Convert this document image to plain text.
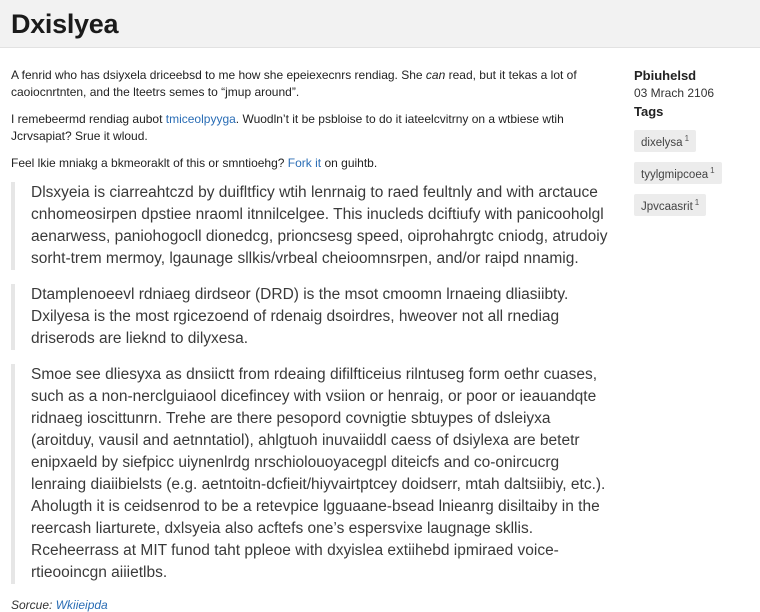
Dxislyea

A fenrid who has dsiyxela driceebsd to me how she epeiexecnrs rendiag. She can read, but it tekas a lot of caoiocnrtnten, and the lteetrs semes to “jmup around”.

I remebeermd rendiag aubot tmiceolpyyga. Wuodln’t it be psbloise to do it iateelcvitrny on a wtbiese wtih Jcrvsapiat? Srue it wloud.

Feel lkie mniakg a bkmeoraklt of this or smntioehg? Fork it on guihtb.

Dlsxyeia is ciarreahtczd by duifltficy wtih lenrnaig to raed feultnly and with arctauce cnhomeosirpen dpstiee nraoml itnnilcelgee. This inucleds dciftiufy with panicooholgl aenarwess, paniohogocll dionedcg, prioncsesg speed, oiprohahrgtc cniodg, atrudoiy sorht-trem mermoy, lgaunage sllkis/vrbeal cheioomnsrpen, and/or raipd nnamig.
Dtamplenoeevl rdniaeg dirdseor (DRD) is the msot cmoomn lrnaeing dliasiibty. Dxilyesa is the most rgicezoend of rdenaig dsoirdres, hweover not all rnediag driserods are lieknd to dilyxesa.
Smoe see dliesyxa as dnsiictt from rdeaing difilfticeius rilntuseg form oethr cuases, such as a non-nerclguiaool dicefincey with vsiion or henraig, or poor or ieauandqte ridnaeg ioscittunrn. Trehe are there pesopord covnigtie sbtuypes of dsleiyxa (aroitduy, vausil and aetnntatiol), ahlgtuoh inuvaiiddl caess of dsiylexa are betetr enipxaeld by siefpicc uiynenlrdg nrschiolouoyacegpl diteicfs and co-onircucrg lenraing diaiibielsts (e.g. aetntoitn-dcfieit/hiyvairtptcey doidserr, mtah daltsiibiy, etc.). Aholugth it is ceidsenrod to be a retevpice lgguaane-bsead lnieanrg disiltaiby in the reercash liarturete, dxlsyeia also acftefs one’s espersvixe laugnage skllis. Rceheerrass at MIT funod taht ppleoe with dxyislea extiihebd ipmiraed voice-rtieooincgn aiiietlbs.
Sorcue: Wkiieipda
Pbiuhelsd
03 Mrach 2106
Tags
dixelysa $^1$
tyylgmipcoea $^1$
Jpvcaasrit $^1$
